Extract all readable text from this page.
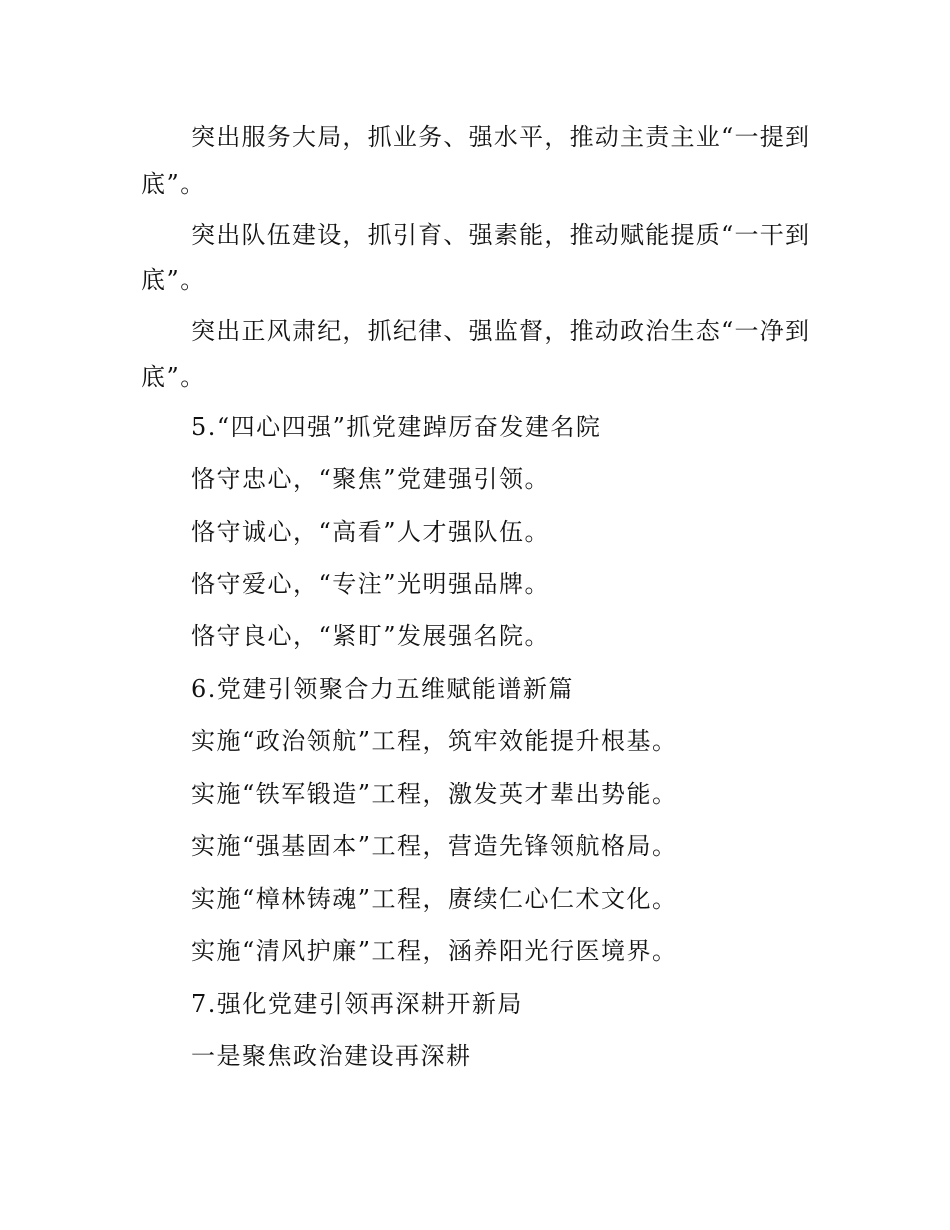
突出服务大局，抓业务、强水平，推动主责主业“一提到
底”。
突出队伍建设，抓引育、强素能，推动赋能提质“一干到
底”。
突出正风肃纪，抓纪律、强监督，推动政治生态“一净到
底”。
5.“四心四强”抓党建踔厉奋发建名院
恪守忠心，“聚焦”党建强引领。
恪守诚心，“高看”人才强队伍。
恪守爱心，“专注”光明强品牌。
恪守良心，“紧盯”发展强名院。
6.党建引领聚合力五维赋能谱新篇
实施“政治领航”工程，筑牢效能提升根基。
实施“铁军锻造”工程，激发英才辈出势能。
实施“强基固本”工程，营造先锋领航格局。
实施“樟林铸魂”工程，赓续仁心仁术文化。
实施“清风护廉”工程，涵养阳光行医境界。
7.强化党建引领再深耕开新局
一是聚焦政治建设再深耕
